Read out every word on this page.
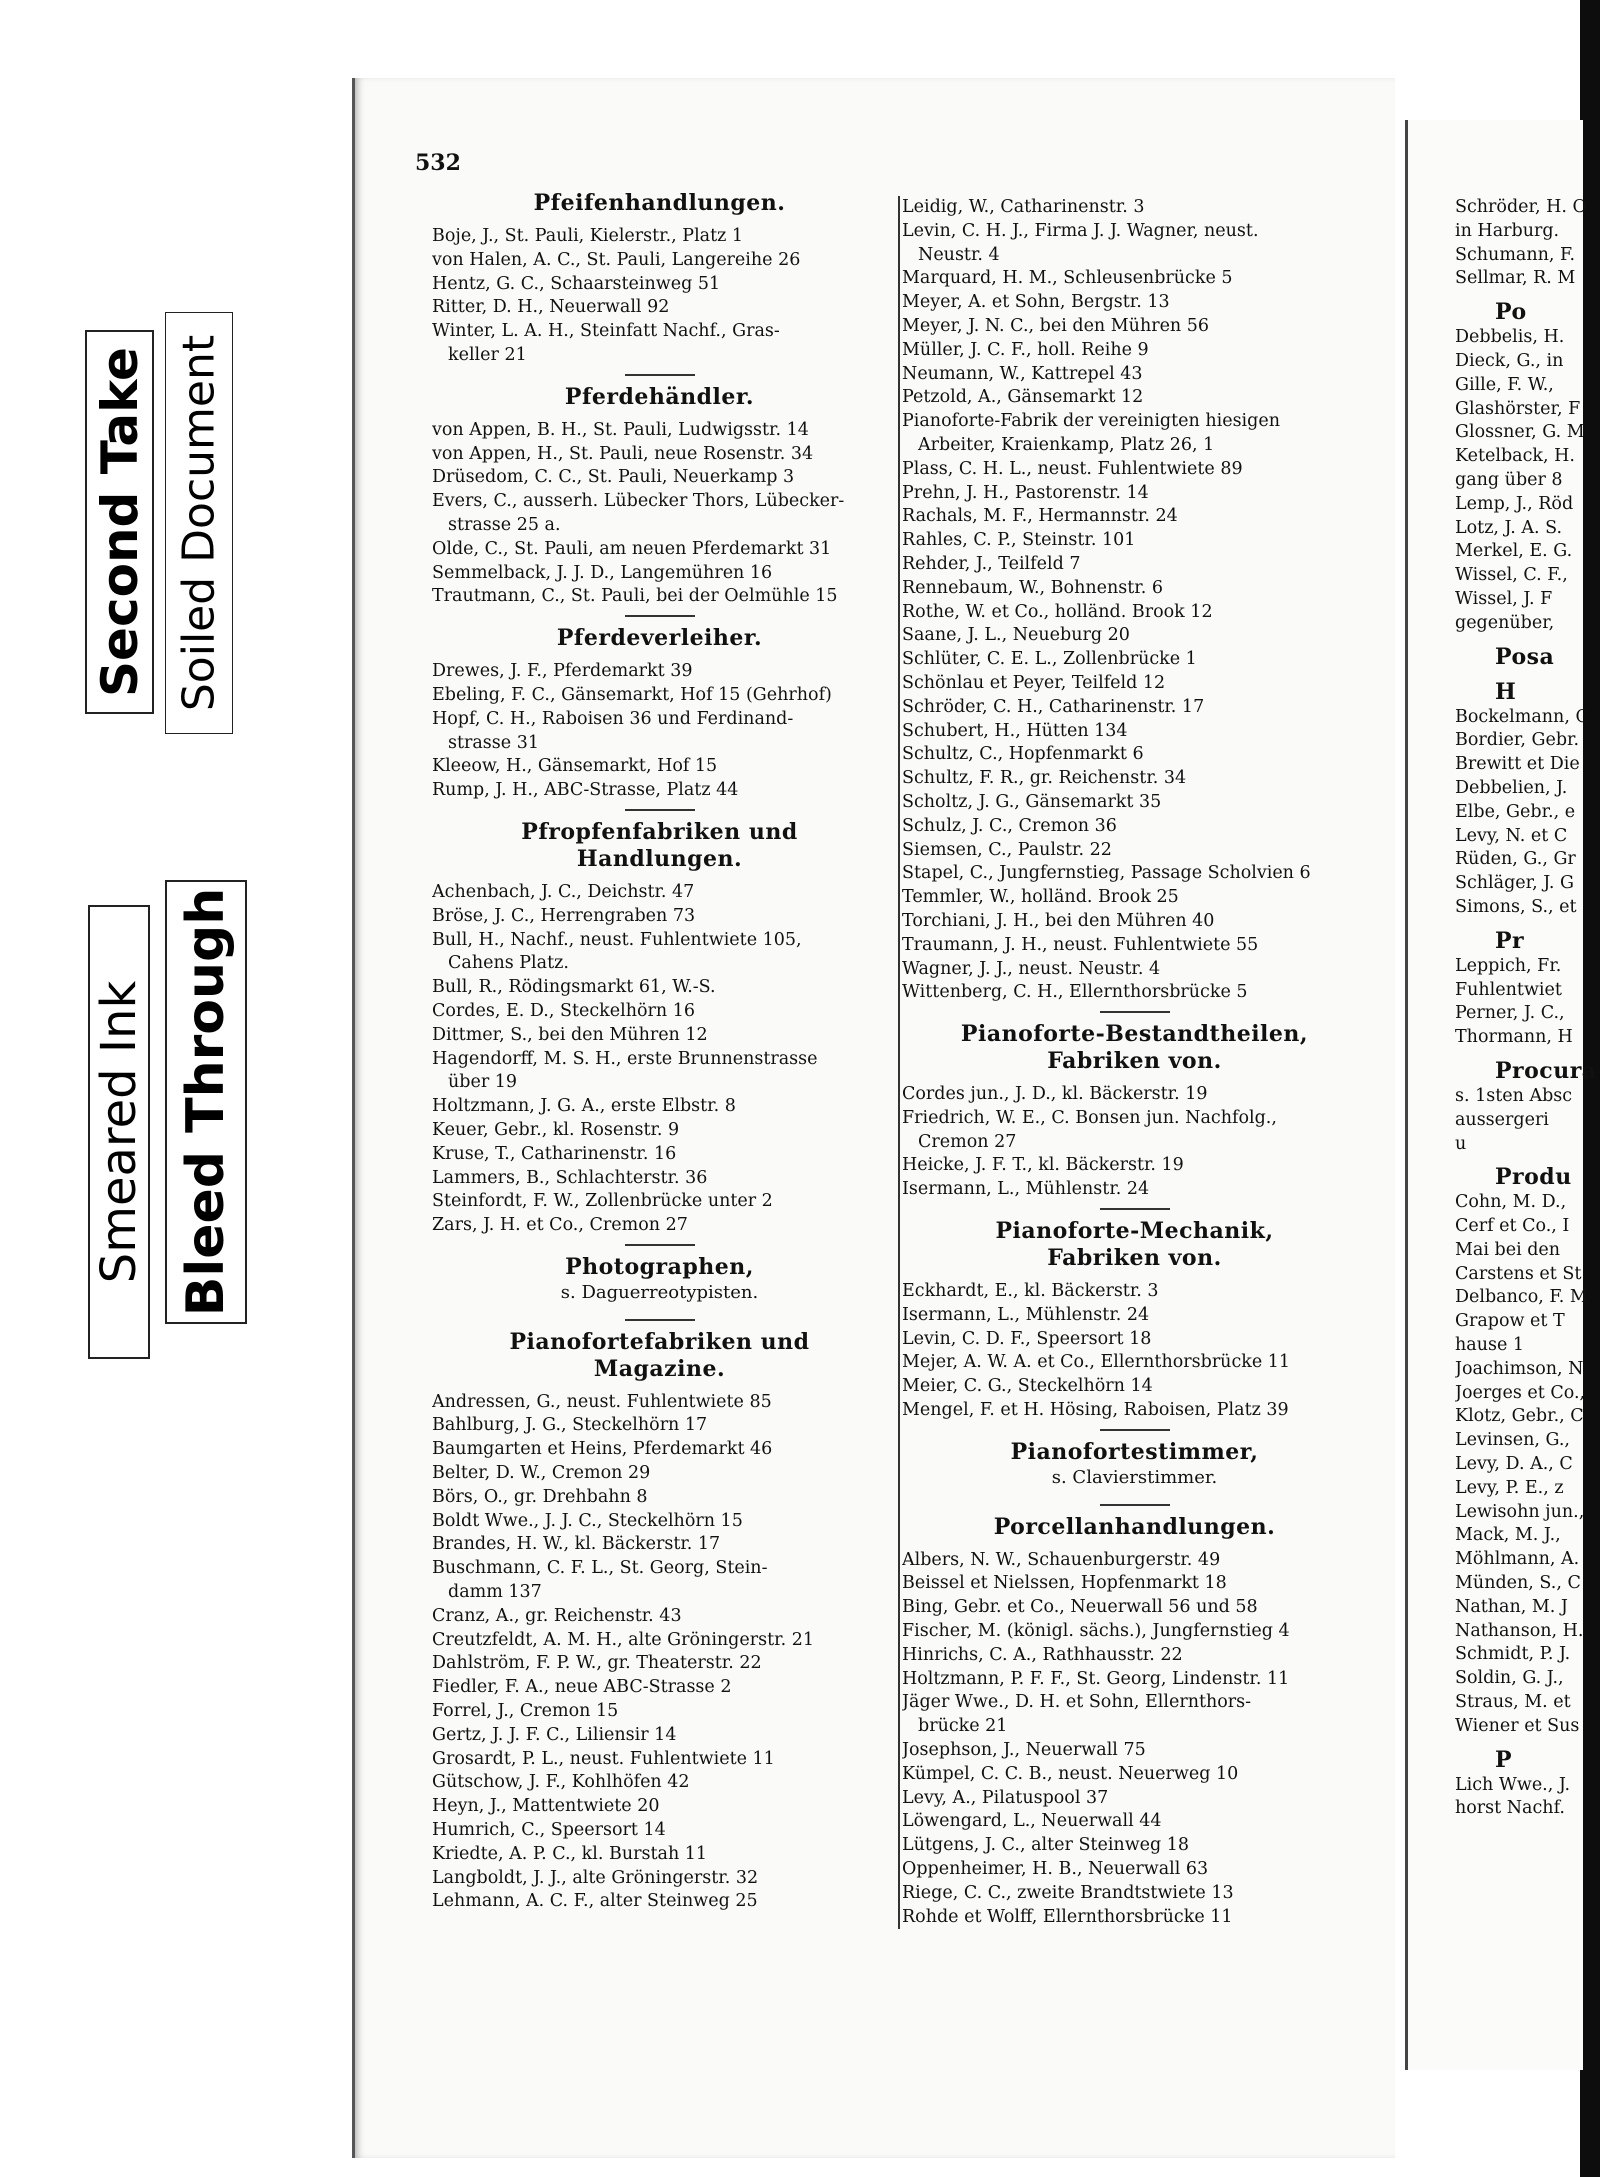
Second Take Soiled Document
Smeared Ink Bleed Through
532
Pfeifenhandlungen.
Boje, J., St. Pauli, Kielerstr., Platz 1
von Halen, A. C., St. Pauli, Langereihe 26
Hentz, G. C., Schaarsteinweg 51
Ritter, D. H., Neuerwall 92
Winter, L. A. H., Steinfatt Nachf., Gras-
keller 21
Pferdehändler.
von Appen, B. H., St. Pauli, Ludwigsstr. 14
von Appen, H., St. Pauli, neue Rosenstr. 34
Drüsedom, C. C., St. Pauli, Neuerkamp 3
Evers, C., ausserh. Lübecker Thors, Lübecker-
strasse 25 a.
Olde, C., St. Pauli, am neuen Pferdemarkt 31
Semmelback, J. J. D., Langemühren 16
Trautmann, C., St. Pauli, bei der Oelmühle 15
Pferdeverleiher.
Drewes, J. F., Pferdemarkt 39
Ebeling, F. C., Gänsemarkt, Hof 15 (Gehrhof)
Hopf, C. H., Raboisen 36 und Ferdinand-
strasse 31
Kleeow, H., Gänsemarkt, Hof 15
Rump, J. H., ABC-Strasse, Platz 44
Pfropfenfabriken und
Handlungen.
Achenbach, J. C., Deichstr. 47
Bröse, J. C., Herrengraben 73
Bull, H., Nachf., neust. Fuhlentwiete 105,
Cahens Platz.
Bull, R., Rödingsmarkt 61, W.-S.
Cordes, E. D., Steckelhörn 16
Dittmer, S., bei den Mühren 12
Hagendorff, M. S. H., erste Brunnenstrasse
über 19
Holtzmann, J. G. A., erste Elbstr. 8
Keuer, Gebr., kl. Rosenstr. 9
Kruse, T., Catharinenstr. 16
Lammers, B., Schlachterstr. 36
Steinfordt, F. W., Zollenbrücke unter 2
Zars, J. H. et Co., Cremon 27
Photographen,
s. Daguerreotypisten.
Pianofortefabriken und
Magazine.
Andressen, G., neust. Fuhlentwiete 85
Bahlburg, J. G., Steckelhörn 17
Baumgarten et Heins, Pferdemarkt 46
Belter, D. W., Cremon 29
Börs, O., gr. Drehbahn 8
Boldt Wwe., J. J. C., Steckelhörn 15
Brandes, H. W., kl. Bäckerstr. 17
Buschmann, C. F. L., St. Georg, Stein-
damm 137
Cranz, A., gr. Reichenstr. 43
Creutzfeldt, A. M. H., alte Gröningerstr. 21
Dahlström, F. P. W., gr. Theaterstr. 22
Fiedler, F. A., neue ABC-Strasse 2
Forrel, J., Cremon 15
Gertz, J. J. F. C., Liliensir 14
Grosardt, P. L., neust. Fuhlentwiete 11
Gütschow, J. F., Kohlhöfen 42
Heyn, J., Mattentwiete 20
Humrich, C., Speersort 14
Kriedte, A. P. C., kl. Burstah 11
Langboldt, J. J., alte Gröningerstr. 32
Lehmann, A. C. F., alter Steinweg 25
Leidig, W., Catharinenstr. 3
Levin, C. H. J., Firma J. J. Wagner, neust.
Neustr. 4
Marquard, H. M., Schleusenbrücke 5
Meyer, A. et Sohn, Bergstr. 13
Meyer, J. N. C., bei den Mühren 56
Müller, J. C. F., holl. Reihe 9
Neumann, W., Kattrepel 43
Petzold, A., Gänsemarkt 12
Pianoforte-Fabrik der vereinigten hiesigen
Arbeiter, Kraienkamp, Platz 26, 1
Plass, C. H. L., neust. Fuhlentwiete 89
Prehn, J. H., Pastorenstr. 14
Rachals, M. F., Hermannstr. 24
Rahles, C. P., Steinstr. 101
Rehder, J., Teilfeld 7
Rennebaum, W., Bohnenstr. 6
Rothe, W. et Co., holländ. Brook 12
Saane, J. L., Neueburg 20
Schlüter, C. E. L., Zollenbrücke 1
Schönlau et Peyer, Teilfeld 12
Schröder, C. H., Catharinenstr. 17
Schubert, H., Hütten 134
Schultz, C., Hopfenmarkt 6
Schultz, F. R., gr. Reichenstr. 34
Scholtz, J. G., Gänsemarkt 35
Schulz, J. C., Cremon 36
Siemsen, C., Paulstr. 22
Stapel, C., Jungfernstieg, Passage Scholvien 6
Temmler, W., holländ. Brook 25
Torchiani, J. H., bei den Mühren 40
Traumann, J. H., neust. Fuhlentwiete 55
Wagner, J. J., neust. Neustr. 4
Wittenberg, C. H., Ellernthorsbrücke 5
Pianoforte-Bestandtheilen,
Fabriken von.
Cordes jun., J. D., kl. Bäckerstr. 19
Friedrich, W. E., C. Bonsen jun. Nachfolg.,
Cremon 27
Heicke, J. F. T., kl. Bäckerstr. 19
Isermann, L., Mühlenstr. 24
Pianoforte-Mechanik,
Fabriken von.
Eckhardt, E., kl. Bäckerstr. 3
Isermann, L., Mühlenstr. 24
Levin, C. D. F., Speersort 18
Mejer, A. W. A. et Co., Ellernthorsbrücke 11
Meier, C. G., Steckelhörn 14
Mengel, F. et H. Hösing, Raboisen, Platz 39
Pianofortestimmer,
s. Clavierstimmer.
Porcellanhandlungen.
Albers, N. W., Schauenburgerstr. 49
Beissel et Nielssen, Hopfenmarkt 18
Bing, Gebr. et Co., Neuerwall 56 und 58
Fischer, M. (königl. sächs.), Jungfernstieg 4
Hinrichs, C. A., Rathhausstr. 22
Holtzmann, P. F. F., St. Georg, Lindenstr. 11
Jäger Wwe., D. H. et Sohn, Ellernthors-
brücke 21
Josephson, J., Neuerwall 75
Kümpel, C. C. B., neust. Neuerweg 10
Levy, A., Pilatuspool 37
Löwengard, L., Neuerwall 44
Lütgens, J. C., alter Steinweg 18
Oppenheimer, H. B., Neuerwall 63
Riege, C. C., zweite Brandtstwiete 13
Rohde et Wolff, Ellernthorsbrücke 11
Schröder, H. O
in Harburg.
Schumann, F.
Sellmar, R. M
Po
Debbelis, H.
Dieck, G., in
Gille, F. W.,
Glashörster, F
Glossner, G. M
Ketelback, H.
gang über 8
Lemp, J., Röd
Lotz, J. A. S.
Merkel, E. G.
Wissel, C. F.,
Wissel, J. F
gegenüber,
Posa
H
Bockelmann, C
Bordier, Gebr.
Brewitt et Die
Debbelien, J.
Elbe, Gebr., e
Levy, N. et C
Rüden, G., Gr
Schläger, J. G
Simons, S., et
Pr
Leppich, Fr.
Fuhlentwiet
Perner, J. C.,
Thormann, H
Procura
s. 1sten Absc
aussergeri
u
Produ
Cohn, M. D.,
Cerf et Co., I
Mai bei den
Carstens et St
Delbanco, F. M
Grapow et T
hause 1
Joachimson, N
Joerges et Co.,
Klotz, Gebr., C
Levinsen, G.,
Levy, D. A., C
Levy, P. E., z
Lewisohn jun.,
Mack, M. J.,
Möhlmann, A.
Münden, S., C
Nathan, M. J
Nathanson, H.
Schmidt, P. J.
Soldin, G. J.,
Straus, M. et
Wiener et Sus
P
Lich Wwe., J.
horst Nachf.
